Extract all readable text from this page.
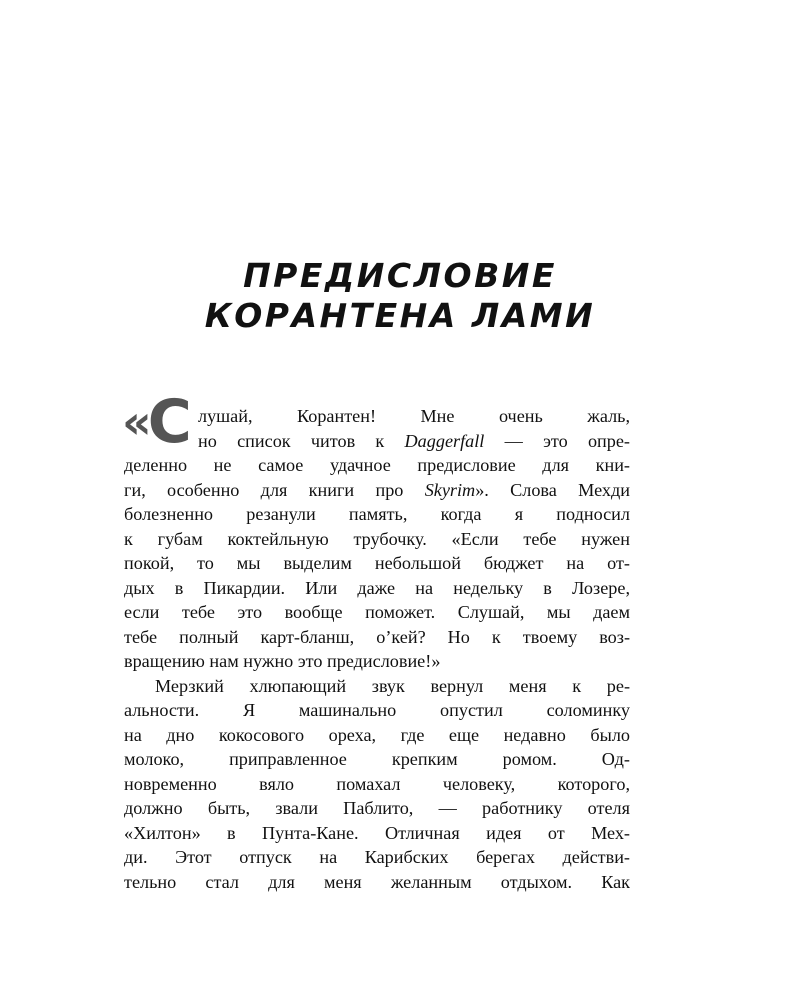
ПРЕДИСЛОВИЕ
КОРАНТЕНА ЛАМИ
«С лушай, Корантен! Мне очень жаль,
но список читов к Daggerfall — это опре-
деленно не самое удачное предисловие для кни-
ги, особенно для книги про Skyrim». Слова Мехди
болезненно резанули память, когда я подносил
к губам коктейльную трубочку. «Если тебе нужен
покой, то мы выделим небольшой бюджет на от-
дых в Пикардии. Или даже на недельку в Лозере,
если тебе это вообще поможет. Слушай, мы даем
тебе полный карт-бланш, о’кей? Но к твоему воз-
вращению нам нужно это предисловие!»
Мерзкий хлюпающий звук вернул меня к ре-
альности. Я машинально опустил соломинку
на дно кокосового ореха, где еще недавно было
молоко, приправленное крепким ромом. Од-
новременно вяло помахал человеку, которого,
должно быть, звали Паблито, — работнику отеля
«Хилтон» в Пунта-Кане. Отличная идея от Мех-
ди. Этот отпуск на Карибских берегах действи-
тельно стал для меня желанным отдыхом. Как
